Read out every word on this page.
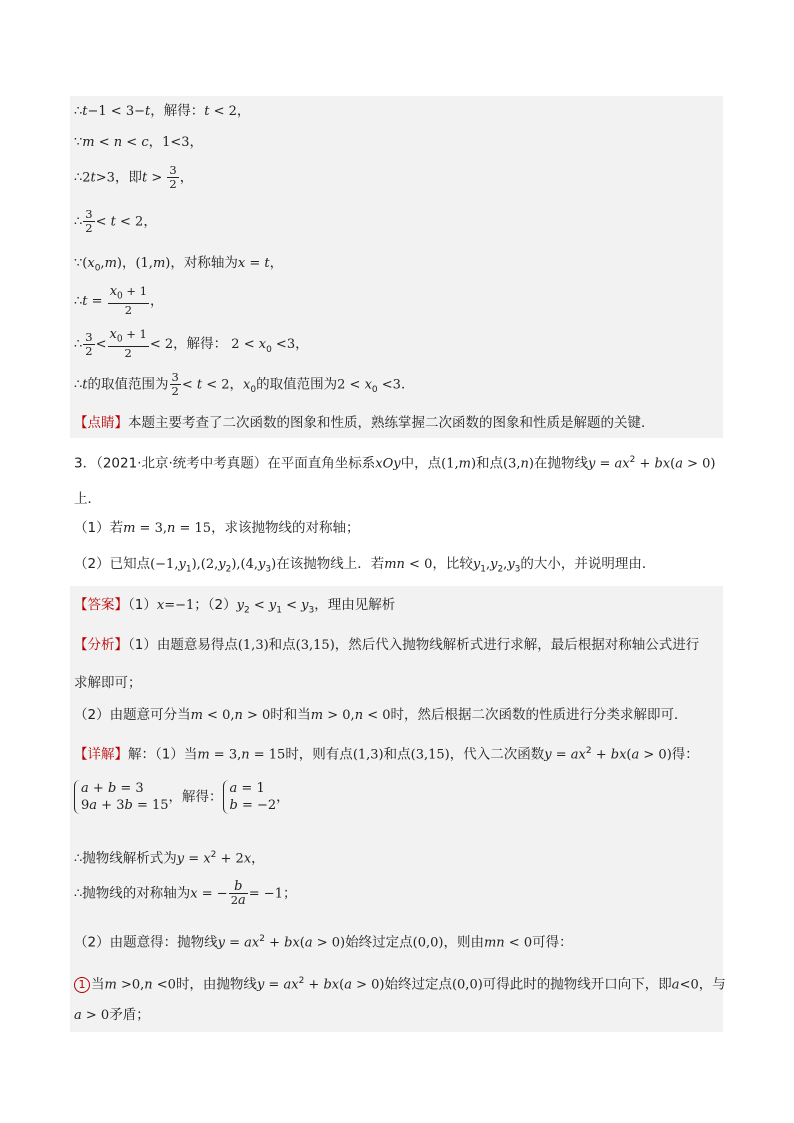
∴t−1 < 3−t，解得：t < 2，
∵m < n < c，1<3，
∴2t>3，即$t > \frac{3}{2}$ ，
∴ $\frac{3}{2} < t < 2$，
$\because(x_0,m)$，(1,m)，对称轴为x = t，
∴t = $\frac{x_0 + 1}{2}$ ，
∴ $\frac{3}{2} < \frac{x_0 + 1}{2} < 2$，解得： $2 < x_0 <3$，
∴t的取值范围为 $\frac{3}{2} < t < 2$，$x_0$的取值范围为$2 < x_0 <3$．
【点睛】本题主要考查了二次函数的图象和性质，熟练掌握二次函数的图象和性质是解题的关键．
3．（2021·北京·统考中考真题）在平面直角坐标系xOy中，点(1,m)和点(3,n)在抛物线$y = ax^2 + bx(a > 0)$
上．
（1）若m = 3,n = 15，求该抛物线的对称轴；
（2）已知点$(-1,y_1),(2,y_2),(4,y_3)$在该抛物线上．若mn < 0，比较$y_1,y_2,y_3$的大小，并说明理由．
【答案】（1）x=−1；$(2)y_2 < y_1 < y_3$，理由见解析
【分析】（1）由题意易得点(1,3)和点(3,15)，然后代入抛物线解析式进行求解，最后根据对称轴公式进行
求解即可；
（2）由题意可分当m < 0,n > 0时和当m > 0,n < 0时，然后根据二次函数的性质进行分类求解即可．
【详解】解：（1）当m = 3,n = 15时，则有点(1,3)和点(3,15)，代入二次函数$y = ax^2 + bx(a > 0)$得：
a + b = 3
9a + 3b = 15，解得：a = 1
b = −2，
∴抛物线解析式为$y = x^2 + 2x$，
∴抛物线的对称轴为x = − $\frac{b}{2a} = -1$；
（2）由题意得：抛物线$y = ax^2 + bx(a > 0)$始终过定点(0,0)，则由mn < 0可得：
1 当m >0,n <0时，由抛物线$y = ax^2 + bx(a > 0)$始终过定点(0,0)可得此时的抛物线开口向下，即a<0，与
a > 0矛盾；
